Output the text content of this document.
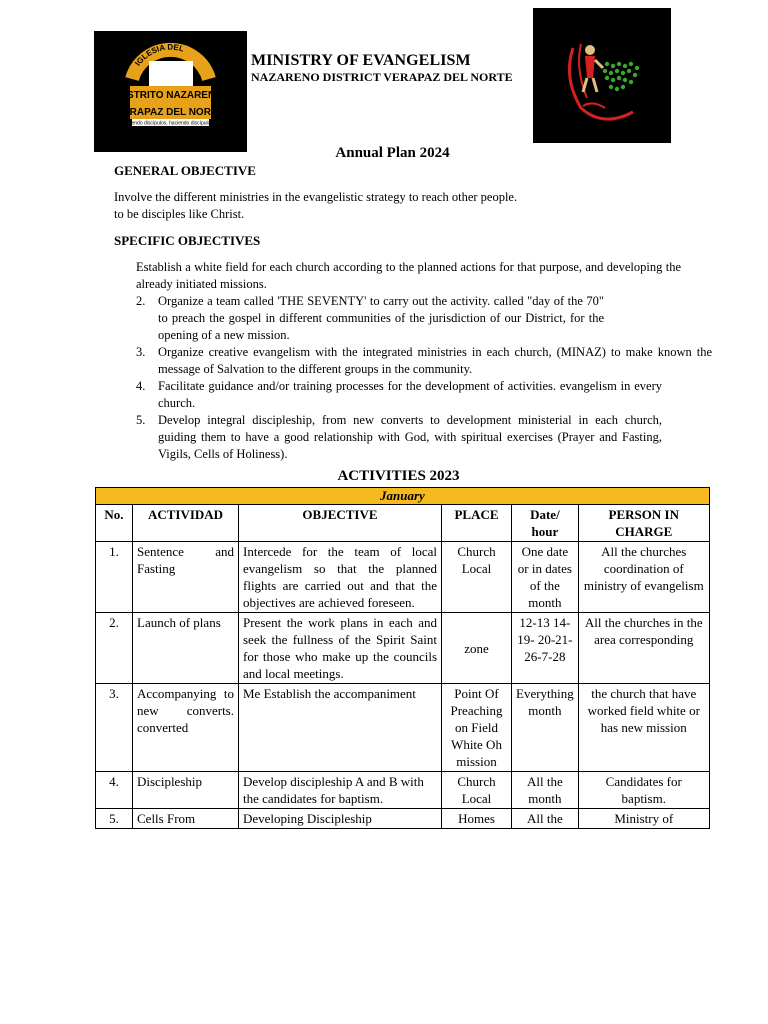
IGLESIA DEL
DISTRITO NAZARENO
VERAPAZ DEL NORTE
Siendo discípulos, haciendo discípulos
MINISTRY OF EVANGELISM
NAZARENO DISTRICT VERAPAZ DEL NORTE
Annual Plan 2024
GENERAL OBJECTIVE
Involve the different ministries in the evangelistic strategy to reach other people.
to be disciples like Christ.
SPECIFIC OBJECTIVES
Establish a white field for each church according to the planned actions for that purpose, and developing the already initiated missions.
2.	Organize a team called 'THE SEVENTY' to carry out the activity. called "day of the 70" to preach the gospel in different communities of the jurisdiction of our District, for the opening of a new mission.
3.	Organize creative evangelism with the integrated ministries in each church, (MINAZ) to make known the message of Salvation to the different groups in the community.
4.	Facilitate guidance and/or training processes for the development of activities. evangelism in every church.
5.	Develop integral discipleship, from new converts to development ministerial in each church, guiding them to have a good relationship with God, with spiritual exercises (Prayer and Fasting, Vigils, Cells of Holiness).
ACTIVITIES 2023
January					
No.	ACTIVIDAD	OBJECTIVE	PLACE	Date/ hour	PERSON IN CHARGE
1.	Sentence and Fasting	Intercede for the team of local evangelism so that the planned flights are carried out and that the objectives are achieved foreseen.	Church Local	One date or in dates of the month	All the churches coordination of ministry of evangelism
2.	Launch of plans	Present the work plans in each and seek the fullness of the Spirit Saint for those who make up the councils and local meetings.	zone	12-13 14-19- 20-21- 26-7-28	All the churches in the area corresponding
3.	Accompanying to new converts. converted	Me Establish the accompaniment	Point Of Preaching on Field White Oh mission	Everything month	the church that have worked field white or has new mission
4.	Discipleship	Develop discipleship A and B with the candidates for baptism.	Church Local	All the month	Candidates for baptism.
5.	Cells From	Developing Discipleship	Homes	All the	Ministry of
